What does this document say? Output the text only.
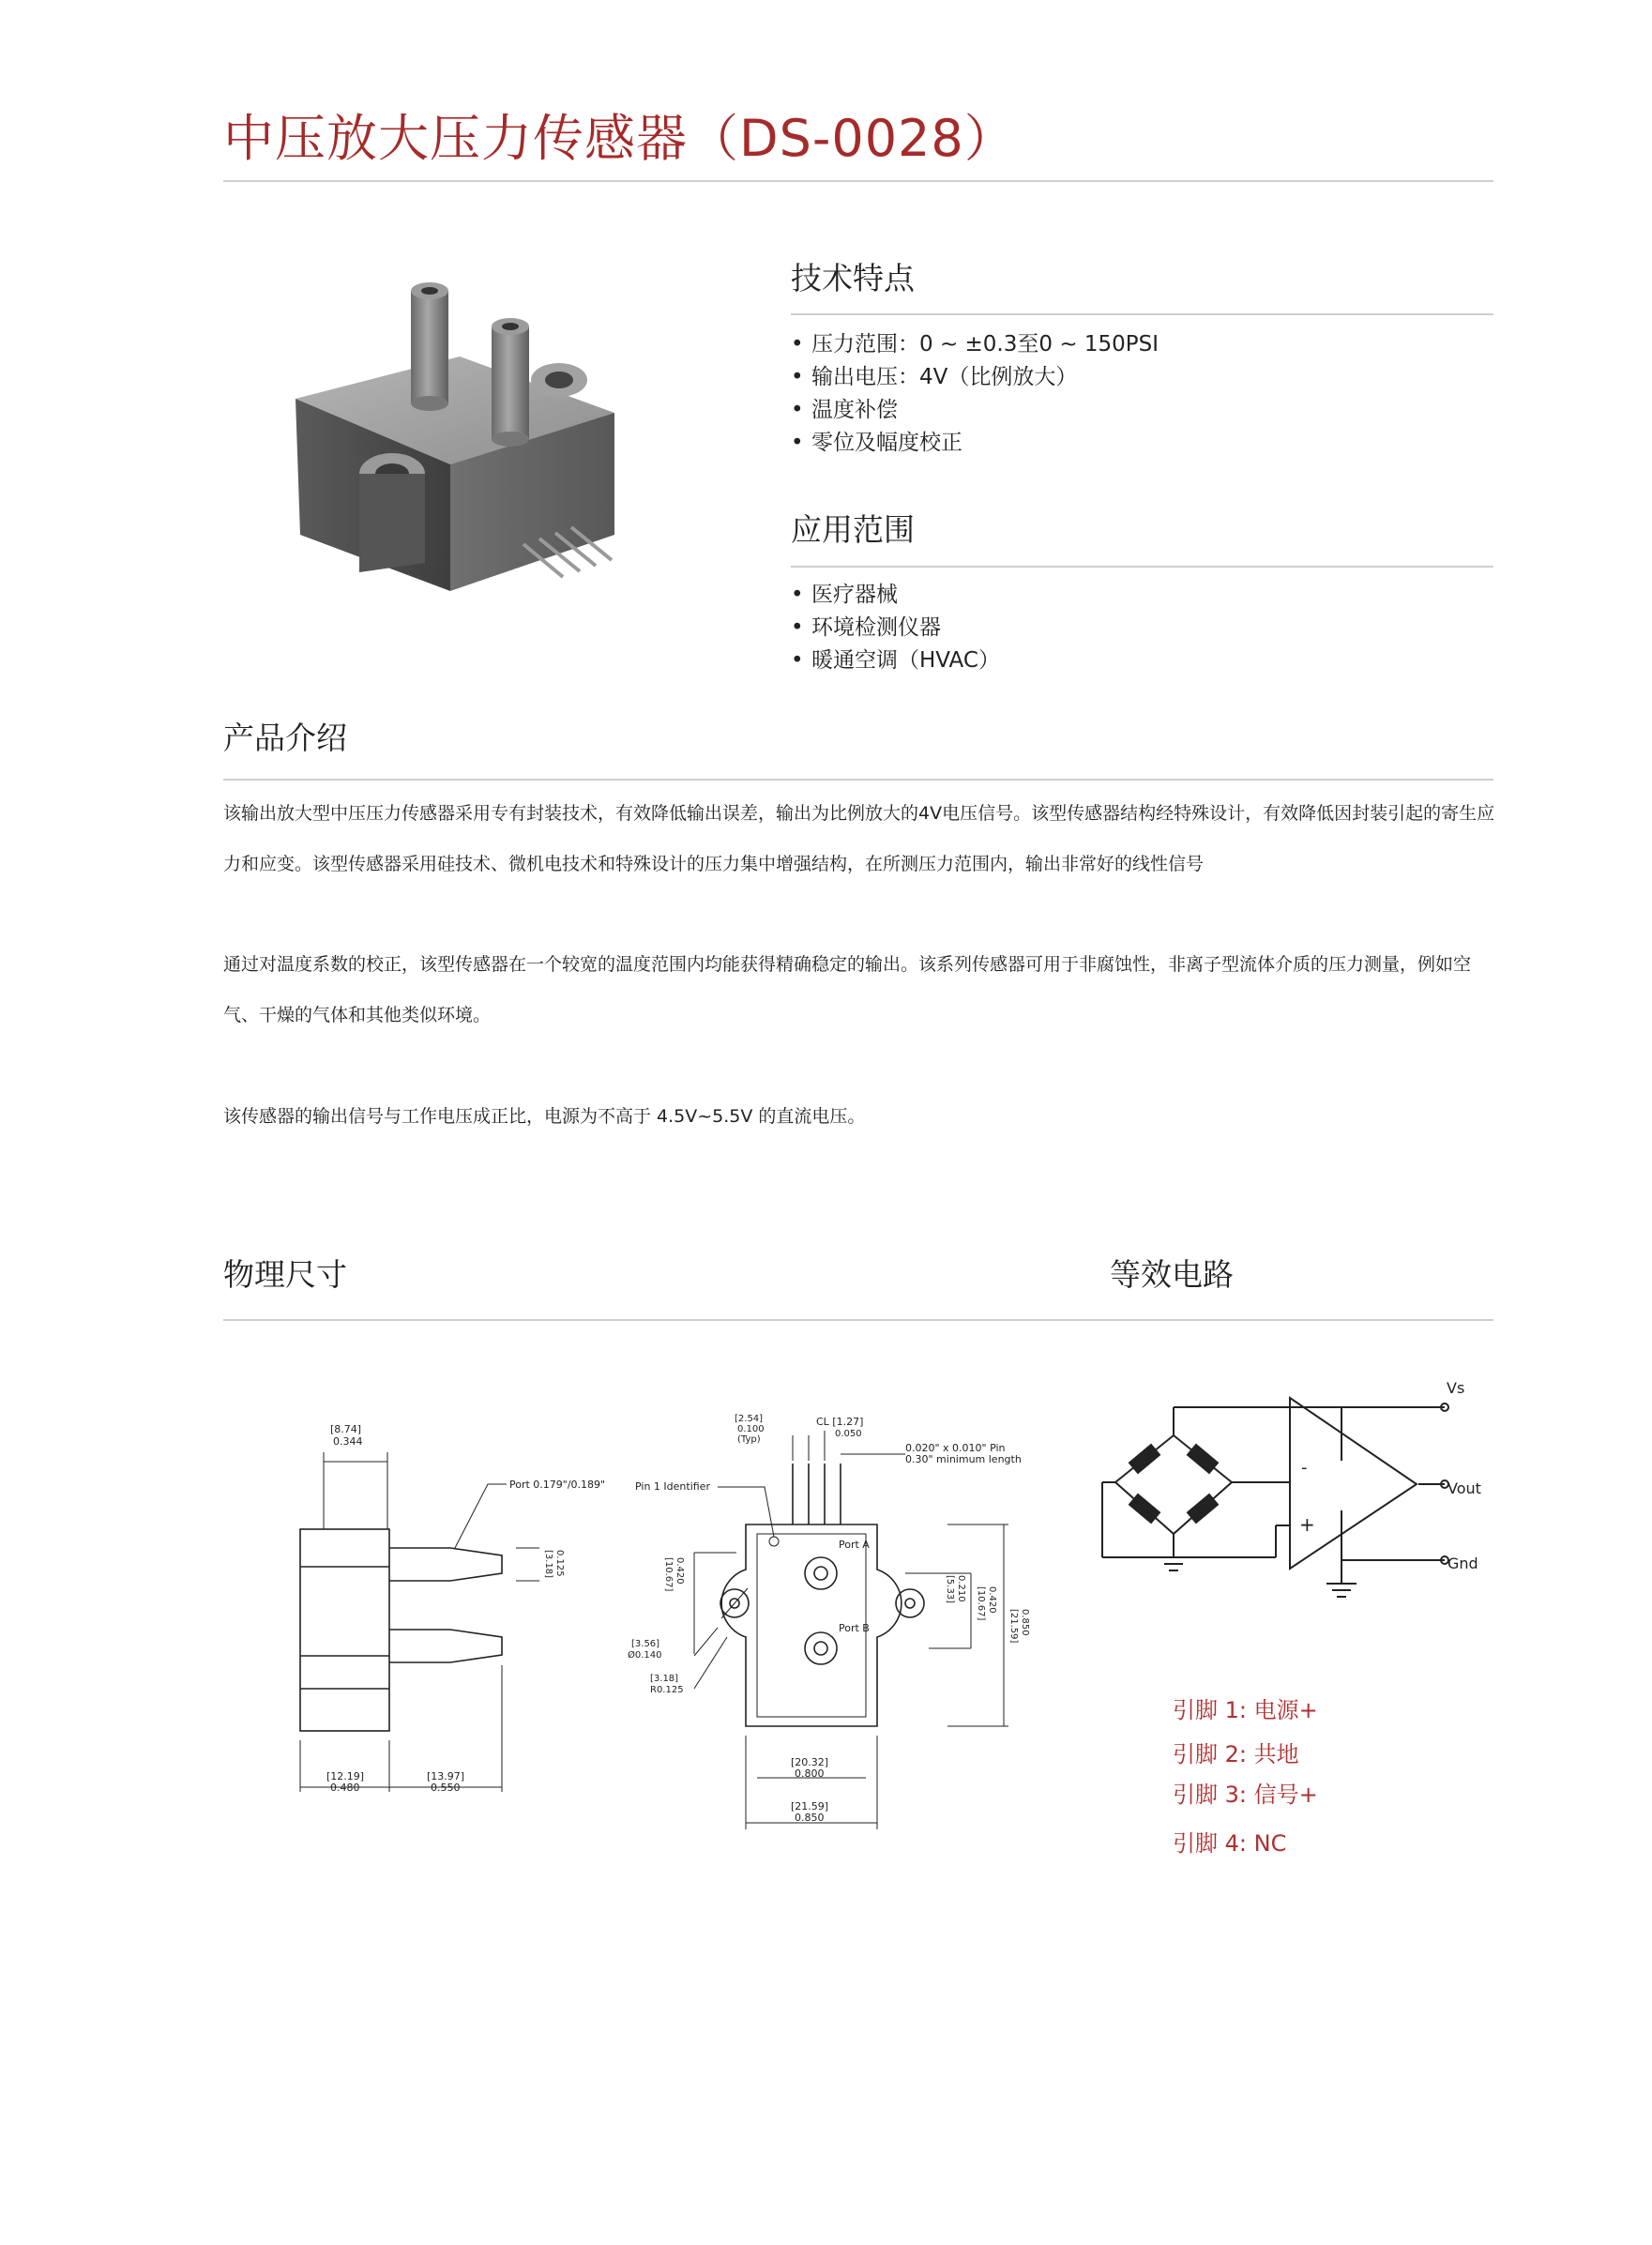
中压放大压力传感器（DS-0028）
技术特点
• 压力范围：0 ~ ±0.3至0 ~ 150PSI
• 输出电压：4V（比例放大）
• 温度补偿
• 零位及幅度校正
应用范围
• 医疗器械
• 环境检测仪器
• 暖通空调（HVAC）
产品介绍
该输出放大型中压压力传感器采用专有封装技术，有效降低输出误差，输出为比例放大的4V电压信号。该型传感器结构经特殊设计，有效降低因封装引起的寄生应力和应变。该型传感器采用硅技术、微机电技术和特殊设计的压力集中增强结构，在所测压力范围内，输出非常好的线性信号
通过对温度系数的校正，该型传感器在一个较宽的温度范围内均能获得精确稳定的输出。该系列传感器可用于非腐蚀性，非离子型流体介质的压力测量，例如空气、干燥的气体和其他类似环境。
该传感器的输出信号与工作电压成正比，电源为不高于 4.5V~5.5V 的直流电压。
物理尺寸	等效电路
[8.74]
0.344
Port 0.179"/0.189"
[3.18] 0.125
[12.19]
0.480
[13.97]
0.550
[2.54]
0.100
(Typ)
CL [1.27]
0.050
0.020" x 0.010" Pin
0.30" minimum length
Pin 1 Identifier
Port A
Port B
[10.67] 0.420
[3.56]
Ø0.140
[3.18]
R0.125
[5.33] 0.210 [10.67] 0.420
[21.59] 0.850
[20.32]
0.800
[21.59]
0.850
Vs
Vout
Gnd
-
+
引脚 1: 电源+
引脚 2: 共地
引脚 3: 信号+
引脚 4: NC
